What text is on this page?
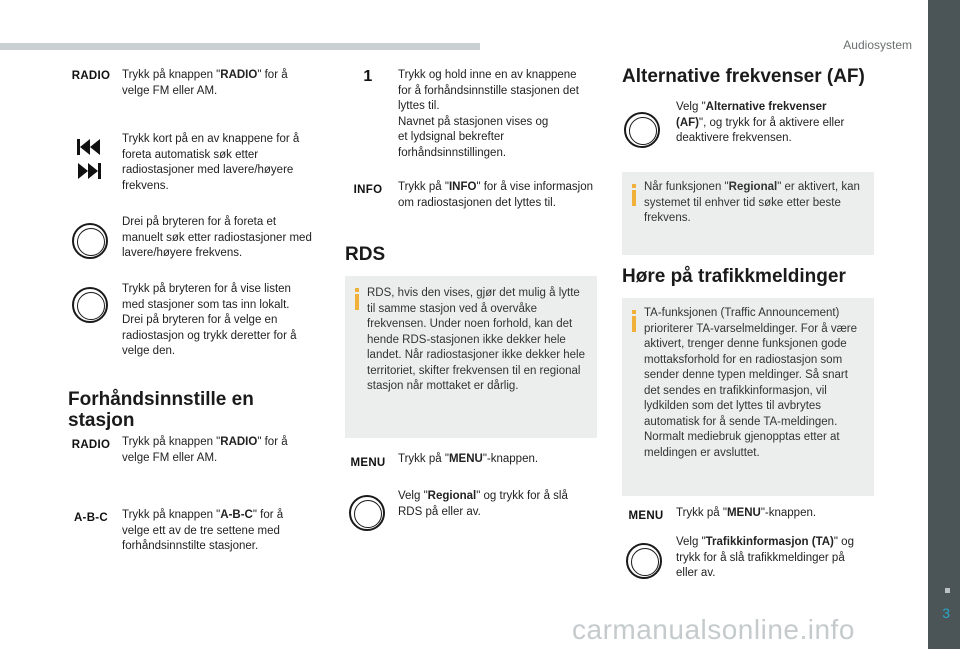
Audiosystem
3
carmanualsonline.info
RADIO	Trykk på knappen "RADIO" for å velge FM eller AM.
Trykk kort på en av knappene for å foreta automatisk søk etter radiostasjoner med lavere/høyere frekvens.
Drei på bryteren for å foreta et manuelt søk etter radiostasjoner med lavere/høyere frekvens.
Trykk på bryteren for å vise listen med stasjoner som tas inn lokalt. Drei på bryteren for å velge en radiostasjon og trykk deretter for å velge den.
Forhåndsinnstille en stasjon
RADIO	Trykk på knappen "RADIO" for å velge FM eller AM.
A-B-C	Trykk på knappen "A-B-C" for å velge ett av de tre settene med forhåndsinnstilte stasjoner.
1	Trykk og hold inne en av knappene for å forhåndsinnstille stasjonen det lyttes til.
Navnet på stasjonen vises og et lydsignal bekrefter forhåndsinnstillingen.
INFO	Trykk på "INFO" for å vise informasjon om radiostasjonen det lyttes til.
RDS
RDS, hvis den vises, gjør det mulig å lytte til samme stasjon ved å overvåke frekvensen. Under noen forhold, kan det hende RDS-stasjonen ikke dekker hele landet. Når radiostasjoner ikke dekker hele territoriet, skifter frekvensen til en regional stasjon når mottaket er dårlig.
MENU	Trykk på "MENU"-knappen.
Velg "Regional" og trykk for å slå RDS på eller av.
Alternative frekvenser (AF)
Velg "Alternative frekvenser (AF)", og trykk for å aktivere eller deaktivere frekvensen.
Når funksjonen "Regional" er aktivert, kan systemet til enhver tid søke etter beste frekvens.
Høre på trafikkmeldinger
TA-funksjonen (Traffic Announcement) prioriterer TA-varselmeldinger. For å være aktivert, trenger denne funksjonen gode mottaksforhold for en radiostasjon som sender denne typen meldinger. Så snart det sendes en trafikkinformasjon, vil lydkilden som det lyttes til avbrytes automatisk for å sende TA-meldingen. Normalt mediebruk gjenopptas etter at meldingen er avsluttet.
MENU	Trykk på "MENU"-knappen.
Velg "Trafikkinformasjon (TA)" og trykk for å slå trafikkmeldinger på eller av.
